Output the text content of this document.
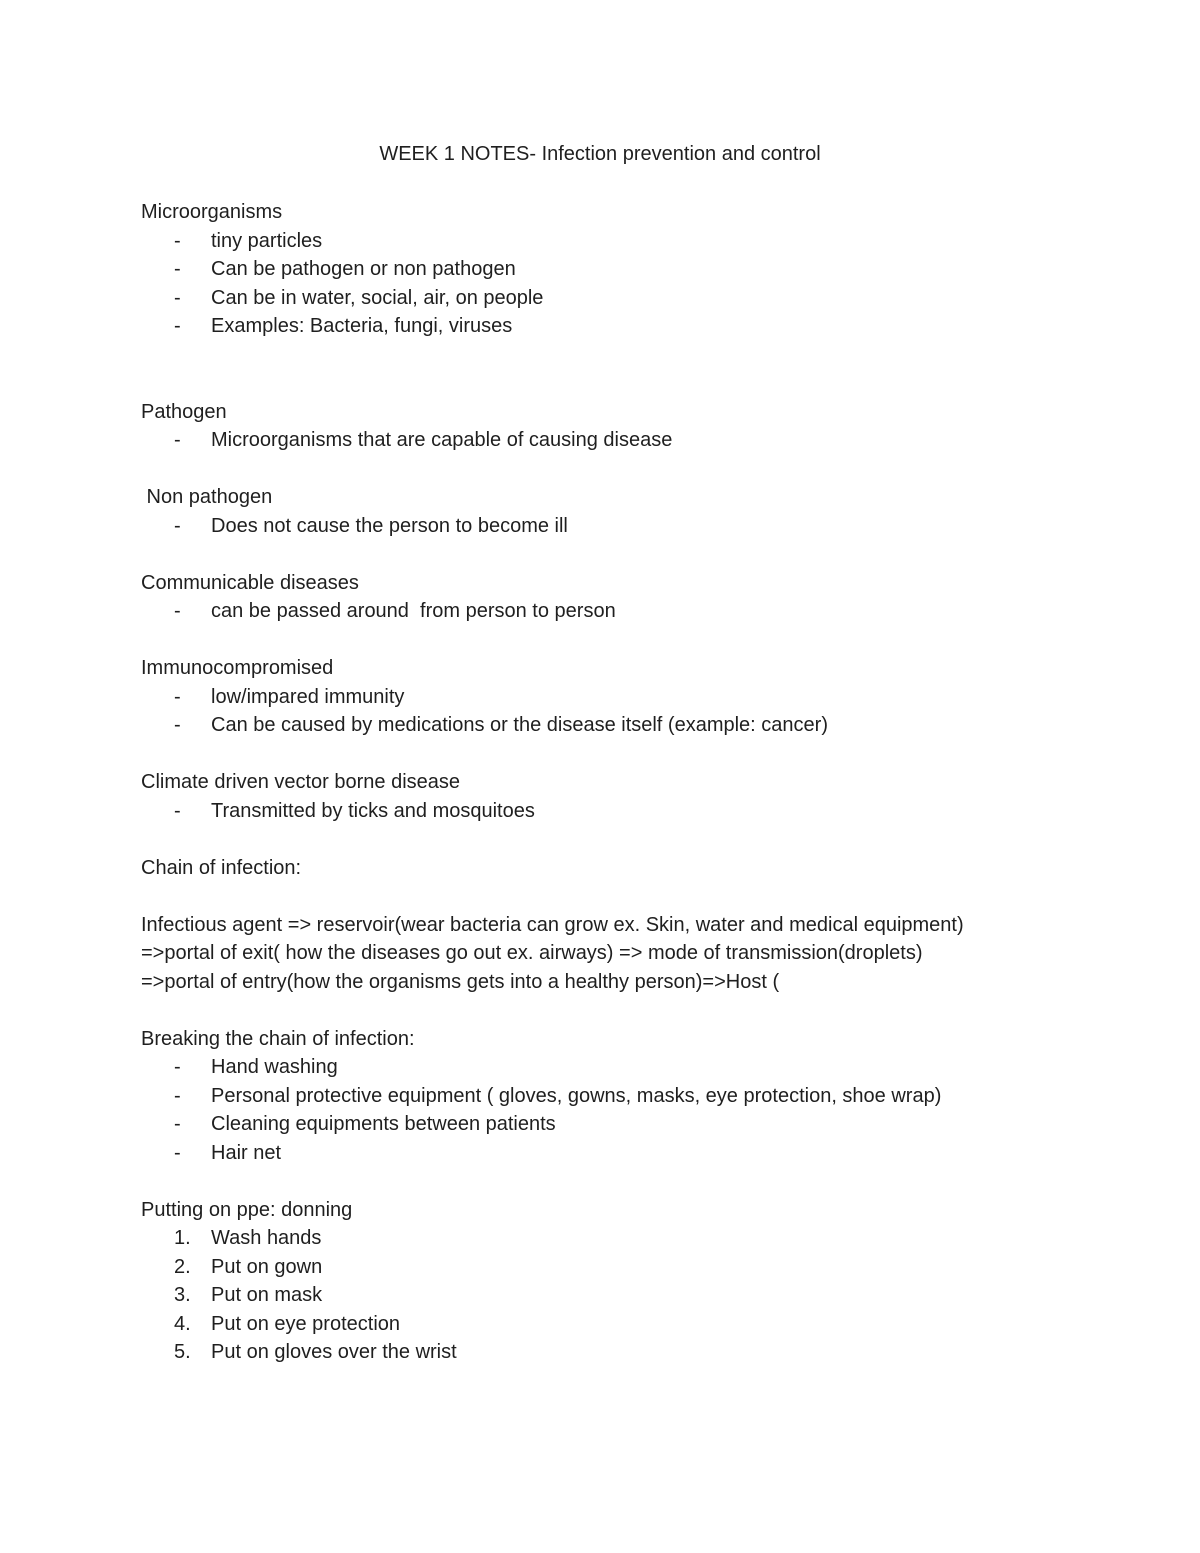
WEEK 1 NOTES- Infection prevention and control
Microorganisms
-	tiny particles
-	Can be pathogen or non pathogen
-	Can be in water, social, air, on people
-	Examples: Bacteria, fungi, viruses
Pathogen
-	Microorganisms that are capable of causing disease
Non pathogen
-	Does not cause the person to become ill
Communicable diseases
-	can be passed around  from person to person
Immunocompromised
-	low/impared immunity
-	Can be caused by medications or the disease itself (example: cancer)
Climate driven vector borne disease
-	Transmitted by ticks and mosquitoes
Chain of infection:
Infectious agent => reservoir(wear bacteria can grow ex. Skin, water and medical equipment)
=>portal of exit( how the diseases go out ex. airways) => mode of transmission(droplets)
=>portal of entry(how the organisms gets into a healthy person)=>Host (
Breaking the chain of infection:
-	Hand washing
-	Personal protective equipment ( gloves, gowns, masks, eye protection, shoe wrap)
-	Cleaning equipments between patients
-	Hair net
Putting on ppe: donning
1.	Wash hands
2.	Put on gown
3.	Put on mask
4.	Put on eye protection
5.	Put on gloves over the wrist
